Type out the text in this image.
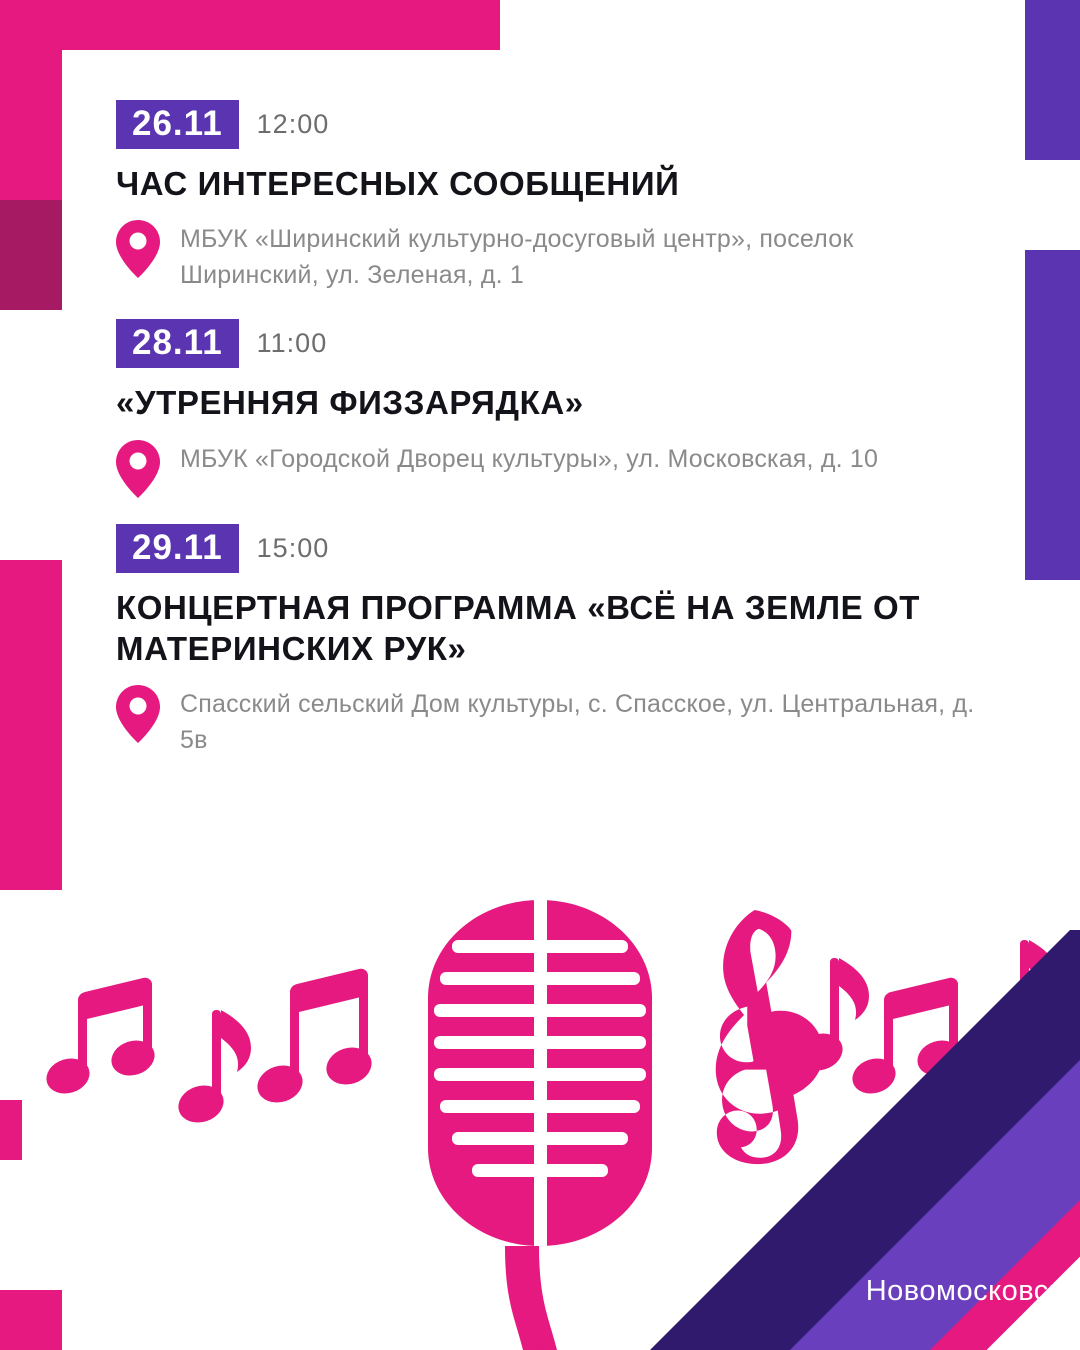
26.11	12:00
ЧАС ИНТЕРЕСНЫХ СООБЩЕНИЙ
МБУК «Ширинский культурно-досуговый центр», поселок Ширинский, ул. Зеленая, д. 1
28.11	11:00
«УТРЕННЯЯ ФИЗЗАРЯДКА»
МБУК «Городской Дворец культуры», ул. Московская, д. 10
29.11	15:00
КОНЦЕРТНАЯ ПРОГРАММА «ВСЁ НА ЗЕМЛЕ ОТ МАТЕРИНСКИХ РУК»
Спасский сельский Дом культуры, с. Спасское, ул. Центральная, д. 5в
Новомосковск
